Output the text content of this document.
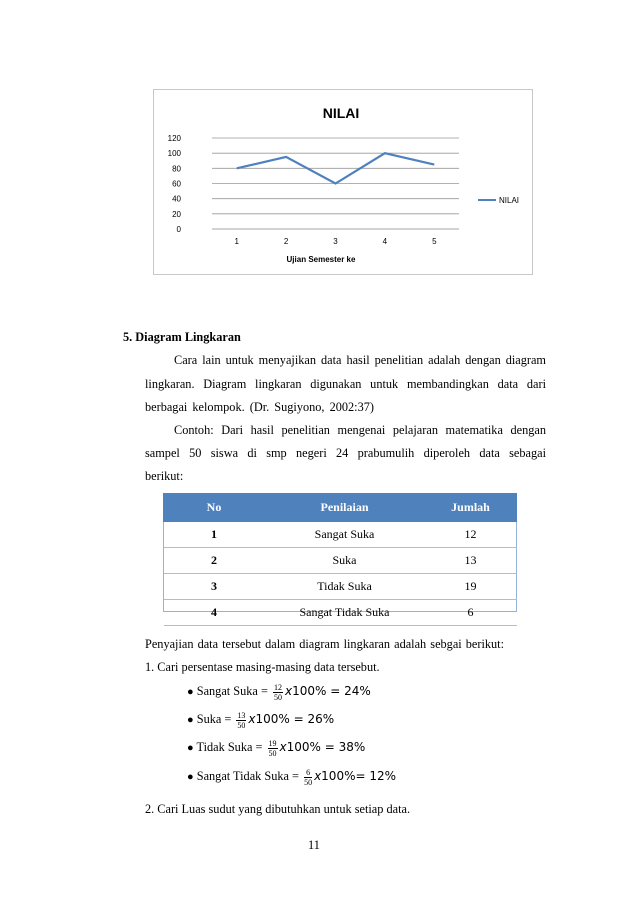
NILAI
Ujian Semester ke
0
20
40
60
80
100
120
1	2	3	4	5
NILAI
5. Diagram Lingkaran
Cara lain untuk menyajikan data hasil penelitian adalah dengan diagram
lingkaran. Diagram lingkaran digunakan untuk membandingkan data dari
berbagai kelompok. (Dr. Sugiyono, 2002:37)
Contoh: Dari hasil penelitian mengenai pelajaran matematika dengan
sampel 50 siswa di smp negeri 24 prabumulih diperoleh data sebagai
berikut:
No	Penilaian	Jumlah
1	Sangat Suka	12
2	Suka	13
3	Tidak Suka	19
4	Sangat Tidak Suka	6
Penyajian data tersebut dalam diagram lingkaran adalah sebgai berikut:
1. Cari persentase masing-masing data tersebut.
● Sangat Suka = $\frac{12}{50} x100\% = 24\%$
● Suka = $\frac{13}{50} x100\% = 26\%$
● Tidak Suka = $\frac{19}{50} x100\% = 38\%$
● Sangat Tidak Suka = $\frac{6}{50} x100\%= 12\%$
2. Cari Luas sudut yang dibutuhkan untuk setiap data.
11
